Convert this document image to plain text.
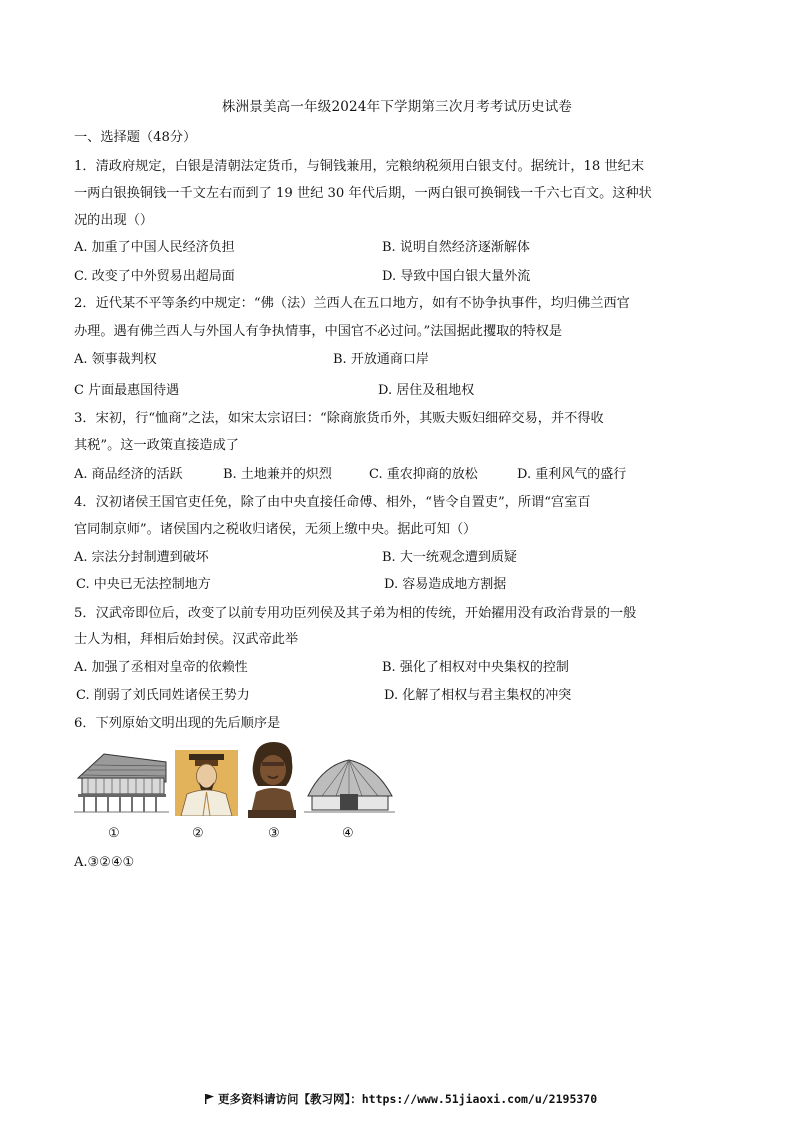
株洲景美高一年级2024年下学期第三次月考考试历史试卷
一、选择题（48分）
1．清政府规定，白银是清朝法定货币，与铜钱兼用，完粮纳税须用白银支付。据统计，18 世纪末
一两白银换铜钱一千文左右而到了 19 世纪 30 年代后期，一两白银可换铜钱一千六七百文。这种状
况的出现（）
A. 加重了中国人民经济负担	B. 说明自然经济逐渐解体
C. 改变了中外贸易出超局面	D. 导致中国白银大量外流
2．近代某不平等条约中规定：“佛（法）兰西人在五口地方，如有不协争执事件，均归佛兰西官
办理。遇有佛兰西人与外国人有争执情事，中国官不必过问。”法国据此攫取的特权是
A. 领事裁判权	B. 开放通商口岸
C 片面最惠国待遇	D. 居住及租地权
3．宋初，行“恤商”之法，如宋太宗诏曰：“除商旅货币外，其贩夫贩妇细碎交易，并不得收
其税”。这一政策直接造成了
A. 商品经济的活跃	B. 土地兼并的炽烈	C. 重农抑商的放松	D. 重利风气的盛行
4．汉初诸侯王国官吏任免，除了由中央直接任命傅、相外，“皆令自置吏”，所谓“宫室百
官同制京师”。诸侯国内之税收归诸侯，无须上缴中央。据此可知（）
A. 宗法分封制遭到破坏	B. 大一统观念遭到质疑
C. 中央已无法控制地方	D. 容易造成地方割据
5．汉武帝即位后，改变了以前专用功臣列侯及其子弟为相的传统，开始擢用没有政治背景的一般
士人为相，拜相后始封侯。汉武帝此举
A. 加强了丞相对皇帝的依赖性	B. 强化了相权对中央集权的控制
C. 削弱了刘氏同姓诸侯王势力	D. 化解了相权与君主集权的冲突
6．下列原始文明出现的先后顺序是
①	②	③	④
A.③②④①
更多资料请访问【教习网】：https://www.51jiaoxi.com/u/2195370
